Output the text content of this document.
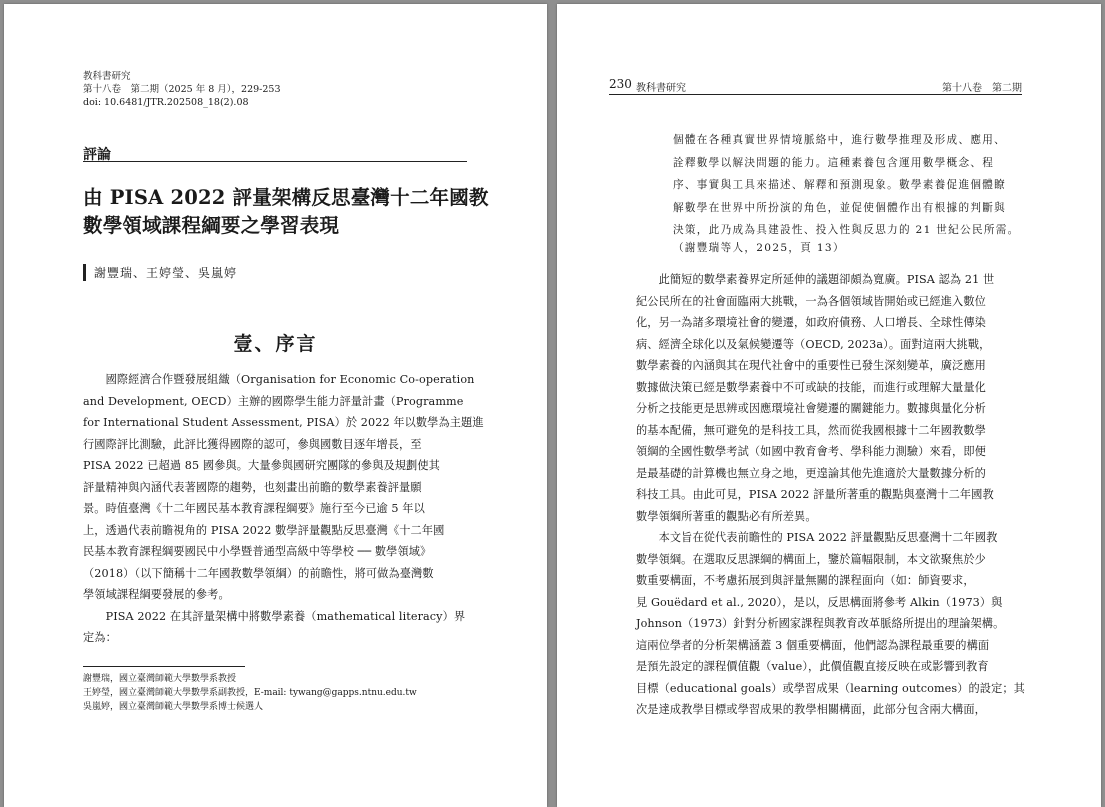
教科書研究
第十八卷　第二期（2025 年 8 月），229-253
doi: 10.6481/JTR.202508_18(2).08
評論
由 PISA 2022 評量架構反思臺灣十二年國教
數學領域課程綱要之學習表現
謝豐瑞、王婷瑩、吳嵐婷
壹、序言
　　國際經濟合作暨發展組織（Organisation for Economic Co-operation
and Development, OECD）主辦的國際學生能力評量計畫（Programme
for International Student Assessment, PISA）於 2022 年以數學為主題進
行國際評比測驗，此評比獲得國際的認可，參與國數目逐年增長，至
PISA 2022 已超過 85 國參與。大量參與國研究團隊的參與及規劃使其
評量精神與內涵代表著國際的趨勢，也刻畫出前瞻的數學素養評量願
景。時值臺灣《十二年國民基本教育課程綱要》施行至今已逾 5 年以
上，透過代表前瞻視角的 PISA 2022 數學評量觀點反思臺灣《十二年國
民基本教育課程綱要國民中小學暨普通型高級中等學校 ── 數學領域》
（2018）（以下簡稱十二年國教數學領綱）的前瞻性，將可做為臺灣數
學領域課程綱要發展的參考。
　　PISA 2022 在其評量架構中將數學素養（mathematical literacy）界
定為：
謝豐瑞，國立臺灣師範大學數學系教授
王婷瑩，國立臺灣師範大學數學系副教授，E-mail: tywang@gapps.ntnu.edu.tw
吳嵐婷，國立臺灣師範大學數學系博士候選人
230 教科書研究	第十八卷　第二期
個體在各種真實世界情境脈絡中，進行數學推理及形成、應用、
詮釋數學以解決問題的能力。這種素養包含運用數學概念、程
序、事實與工具來描述、解釋和預測現象。數學素養促進個體瞭
解數學在世界中所扮演的角色，並促使個體作出有根據的判斷與
決策，此乃成為具建設性、投入性與反思力的 21 世紀公民所需。
（謝豐瑞等人，2025，頁 13）
　　此簡短的數學素養界定所延伸的議題卻頗為寬廣。PISA 認為 21 世
紀公民所在的社會面臨兩大挑戰，一為各個領域皆開始或已經進入數位
化，另一為諸多環境社會的變遷，如政府債務、人口增長、全球性傳染
病、經濟全球化以及氣候變遷等（OECD, 2023a）。面對這兩大挑戰，
數學素養的內涵與其在現代社會中的重要性已發生深刻變革，廣泛應用
數據做決策已經是數學素養中不可或缺的技能，而進行或理解大量量化
分析之技能更是思辨或因應環境社會變遷的關鍵能力。數據與量化分析
的基本配備，無可避免的是科技工具，然而從我國根據十二年國教數學
領綱的全國性數學考試（如國中教育會考、學科能力測驗）來看，即便
是最基礎的計算機也無立身之地，更遑論其他先進適於大量數據分析的
科技工具。由此可見，PISA 2022 評量所著重的觀點與臺灣十二年國教
數學領綱所著重的觀點必有所差異。
　　本文旨在從代表前瞻性的 PISA 2022 評量觀點反思臺灣十二年國教
數學領綱。在選取反思課綱的構面上，鑒於篇幅限制，本文欲聚焦於少
數重要構面，不考慮拓展到與評量無關的課程面向（如：師資要求，
見 Gouëdard et al., 2020），是以，反思構面將參考 Alkin（1973）與
Johnson（1973）針對分析國家課程與教育改革脈絡所提出的理論架構。
這兩位學者的分析架構涵蓋 3 個重要構面，他們認為課程最重要的構面
是預先設定的課程價值觀（value），此價值觀直接反映在或影響到教育
目標（educational goals）或學習成果（learning outcomes）的設定；其
次是達成教學目標或學習成果的教學相關構面，此部分包含兩大構面，
